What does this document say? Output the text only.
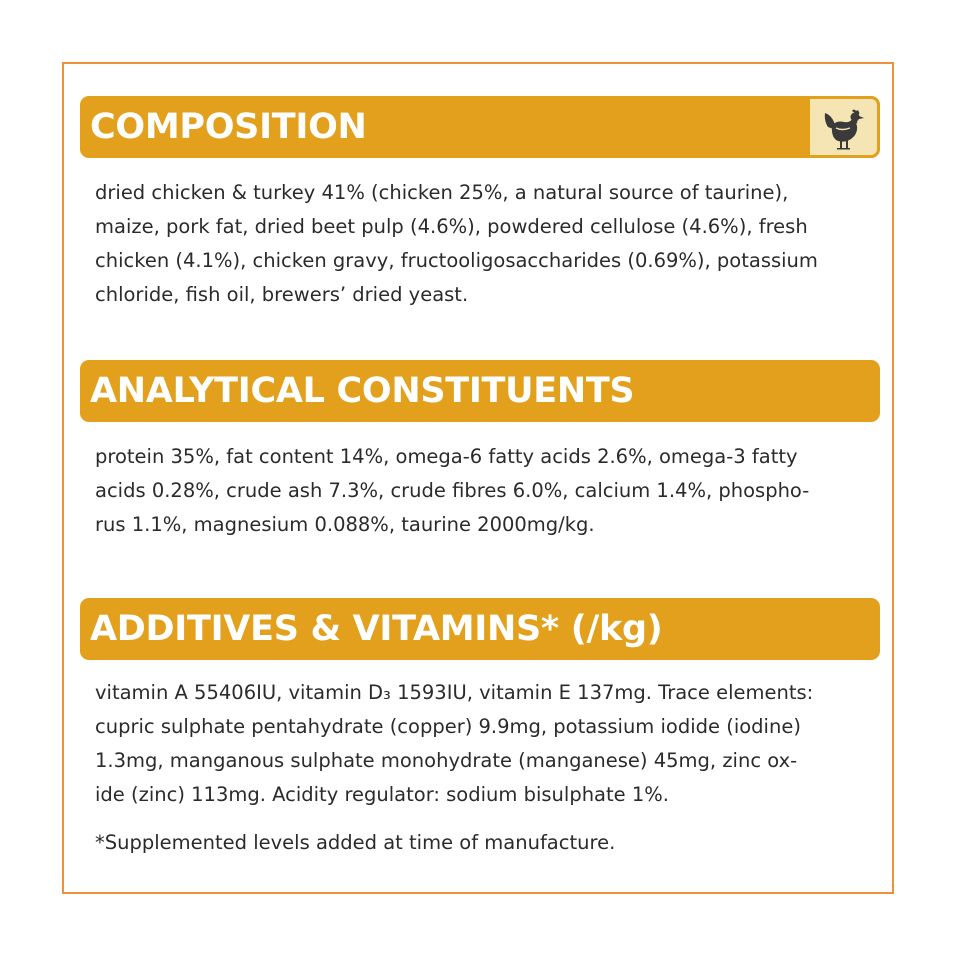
COMPOSITION
dried chicken & turkey 41% (chicken 25%, a natural source of taurine),
maize, pork fat, dried beet pulp (4.6%), powdered cellulose (4.6%), fresh
chicken (4.1%), chicken gravy, fructooligosaccharides (0.69%), potassium
chloride, fish oil, brewers’ dried yeast.
ANALYTICAL CONSTITUENTS
protein 35%, fat content 14%, omega-6 fatty acids 2.6%, omega-3 fatty
acids 0.28%, crude ash 7.3%, crude fibres 6.0%, calcium 1.4%, phospho-
rus 1.1%, magnesium 0.088%, taurine 2000mg/kg.
ADDITIVES & VITAMINS* (/kg)
vitamin A 55406IU, vitamin D₃ 1593IU, vitamin E 137mg. Trace elements:
cupric sulphate pentahydrate (copper) 9.9mg, potassium iodide (iodine)
1.3mg, manganous sulphate monohydrate (manganese) 45mg, zinc ox-
ide (zinc) 113mg. Acidity regulator: sodium bisulphate 1%.
*Supplemented levels added at time of manufacture.
